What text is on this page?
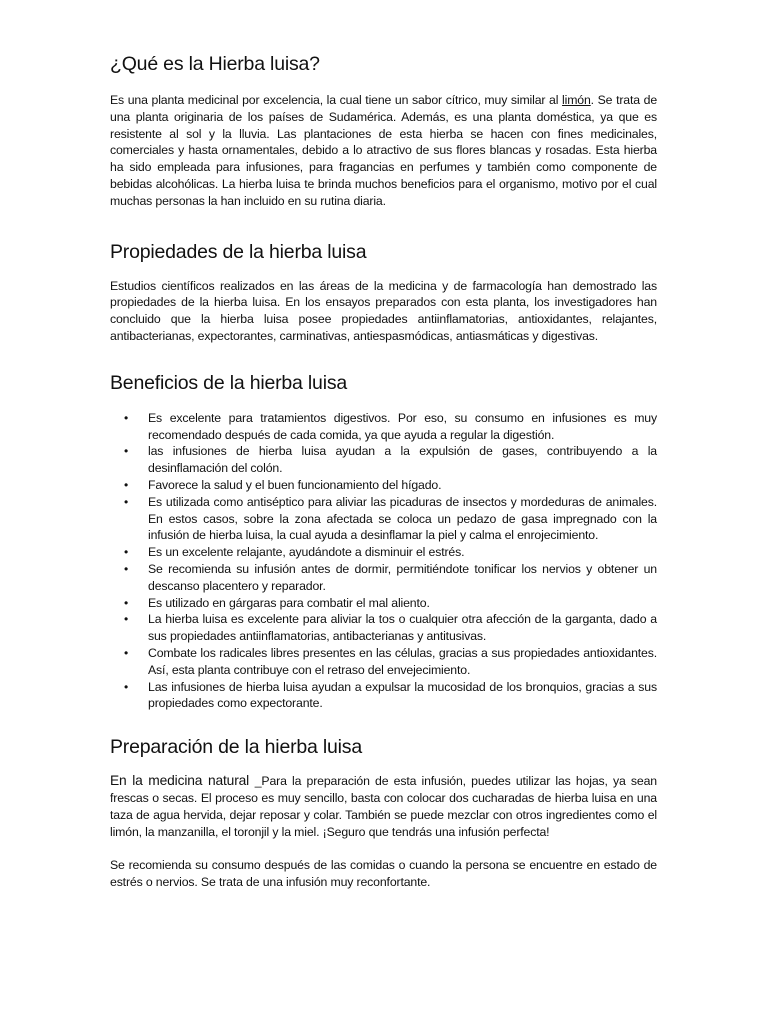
¿Qué es la Hierba luisa?

Es una planta medicinal por excelencia, la cual tiene un sabor cítrico, muy similar al limón. Se trata de una planta originaria de los países de Sudamérica. Además, es una planta doméstica, ya que es resistente al sol y la lluvia. Las plantaciones de esta hierba se hacen con fines medicinales, comerciales y hasta ornamentales, debido a lo atractivo de sus flores blancas y rosadas. Esta hierba ha sido empleada para infusiones, para fragancias en perfumes y también como componente de bebidas alcohólicas. La hierba luisa te brinda muchos beneficios para el organismo, motivo por el cual muchas personas la han incluido en su rutina diaria.

Propiedades de la hierba luisa

Estudios científicos realizados en las áreas de la medicina y de farmacología han demostrado las propiedades de la hierba luisa. En los ensayos preparados con esta planta, los investigadores han concluido que la hierba luisa posee propiedades antiinflamatorias, antioxidantes, relajantes, antibacterianas, expectorantes, carminativas, antiespasmódicas, antiasmáticas y digestivas.

Beneficios de la hierba luisa
• Es excelente para tratamientos digestivos. Por eso, su consumo en infusiones es muy recomendado después de cada comida, ya que ayuda a regular la digestión.
• las infusiones de hierba luisa ayudan a la expulsión de gases, contribuyendo a la desinflamación del colón.
• Favorece la salud y el buen funcionamiento del hígado.
• Es utilizada como antiséptico para aliviar las picaduras de insectos y mordeduras de animales. En estos casos, sobre la zona afectada se coloca un pedazo de gasa impregnado con la infusión de hierba luisa, la cual ayuda a desinflamar la piel y calma el enrojecimiento.
• Es un excelente relajante, ayudándote a disminuir el estrés.
• Se recomienda su infusión antes de dormir, permitiéndote tonificar los nervios y obtener un descanso placentero y reparador.
• Es utilizado en gárgaras para combatir el mal aliento.
• La hierba luisa es excelente para aliviar la tos o cualquier otra afección de la garganta, dado a sus propiedades antiinflamatorias, antibacterianas y antitusivas.
• Combate los radicales libres presentes en las células, gracias a sus propiedades antioxidantes. Así, esta planta contribuye con el retraso del envejecimiento.
• Las infusiones de hierba luisa ayudan a expulsar la mucosidad de los bronquios, gracias a sus propiedades como expectorante.
Preparación de la hierba luisa

En la medicina natural _Para la preparación de esta infusión, puedes utilizar las hojas, ya sean frescas o secas. El proceso es muy sencillo, basta con colocar dos cucharadas de hierba luisa en una taza de agua hervida, dejar reposar y colar. También se puede mezclar con otros ingredientes como el limón, la manzanilla, el toronjil y la miel. ¡Seguro que tendrás una infusión perfecta!

Se recomienda su consumo después de las comidas o cuando la persona se encuentre en estado de estrés o nervios. Se trata de una infusión muy reconfortante.
